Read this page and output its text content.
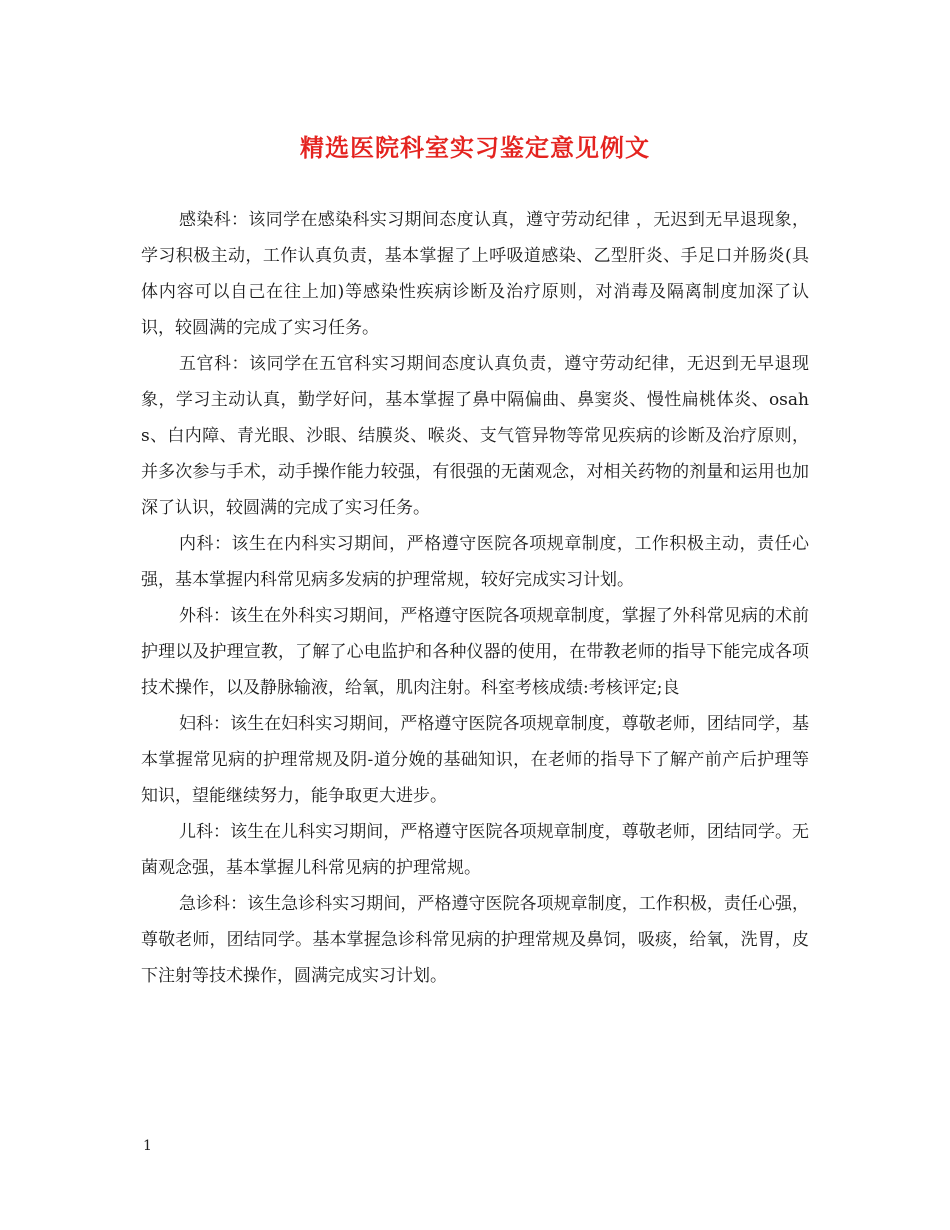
精选医院科室实习鉴定意见例文

感染科：该同学在感染科实习期间态度认真，遵守劳动纪律 ，无迟到无早退现象，学习积极主动，工作认真负责，基本掌握了上呼吸道感染、乙型肝炎、手足口并肠炎(具体内容可以自己在往上加)等感染性疾病诊断及治疗原则，对消毒及隔离制度加深了认识，较圆满的完成了实习任务。

五官科：该同学在五官科实习期间态度认真负责，遵守劳动纪律，无迟到无早退现象，学习主动认真，勤学好问，基本掌握了鼻中隔偏曲、鼻窦炎、慢性扁桃体炎、osahs、白内障、青光眼、沙眼、结膜炎、喉炎、支气管异物等常见疾病的诊断及治疗原则，并多次参与手术，动手操作能力较强，有很强的无菌观念，对相关药物的剂量和运用也加深了认识，较圆满的完成了实习任务。

内科：该生在内科实习期间，严格遵守医院各项规章制度，工作积极主动，责任心强，基本掌握内科常见病多发病的护理常规，较好完成实习计划。

外科：该生在外科实习期间，严格遵守医院各项规章制度，掌握了外科常见病的术前护理以及护理宣教，了解了心电监护和各种仪器的使用，在带教老师的指导下能完成各项技术操作，以及静脉输液，给氧，肌肉注射。科室考核成绩:考核评定;良

妇科：该生在妇科实习期间，严格遵守医院各项规章制度，尊敬老师，团结同学，基本掌握常见病的护理常规及阴-道分娩的基础知识，在老师的指导下了解产前产后护理等知识，望能继续努力，能争取更大进步。

儿科：该生在儿科实习期间，严格遵守医院各项规章制度，尊敬老师，团结同学。无菌观念强，基本掌握儿科常见病的护理常规。

急诊科：该生急诊科实习期间，严格遵守医院各项规章制度，工作积极，责任心强，尊敬老师，团结同学。基本掌握急诊科常见病的护理常规及鼻饲，吸痰，给氧，洗胃，皮下注射等技术操作，圆满完成实习计划。

1
